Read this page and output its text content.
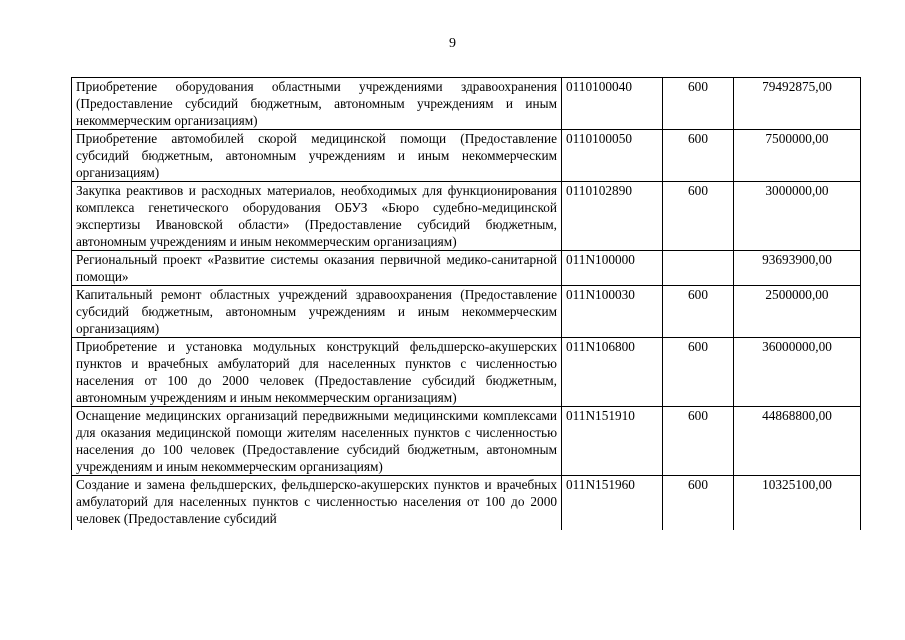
9
Приобретение оборудования областными учреждениями здравоохранения (Предоставление субсидий бюджетным, автономным учреждениям и иным некоммерческим организациям)	0110100040	600	79492875,00
Приобретение автомобилей скорой медицинской помощи (Предоставление субсидий бюджетным, автономным учреждениям и иным некоммерческим организациям)	0110100050	600	7500000,00
Закупка реактивов и расходных материалов, необходимых для функционирования комплекса генетического оборудования ОБУЗ «Бюро судебно-медицинской экспертизы Ивановской области» (Предоставление субсидий бюджетным, автономным учреждениям и иным некоммерческим организациям)	0110102890	600	3000000,00
Региональный проект «Развитие системы оказания первичной медико-санитарной помощи»	011N100000		93693900,00
Капитальный ремонт областных учреждений здравоохранения (Предоставление субсидий бюджетным, автономным учреждениям и иным некоммерческим организациям)	011N100030	600	2500000,00
Приобретение и установка модульных конструкций фельдшерско-акушерских пунктов и врачебных амбулаторий для населенных пунктов с численностью населения от 100 до 2000 человек (Предоставление субсидий бюджетным, автономным учреждениям и иным некоммерческим организациям)	011N106800	600	36000000,00
Оснащение медицинских организаций передвижными медицинскими комплексами для оказания медицинской помощи жителям населенных пунктов с численностью населения до 100 человек (Предоставление субсидий бюджетным, автономным учреждениям и иным некоммерческим организациям)	011N151910	600	44868800,00
Создание и замена фельдшерских, фельдшерско-акушерских пунктов и врачебных амбулаторий для населенных пунктов с численностью населения от 100 до 2000 человек (Предоставление субсидий	011N151960	600	10325100,00
